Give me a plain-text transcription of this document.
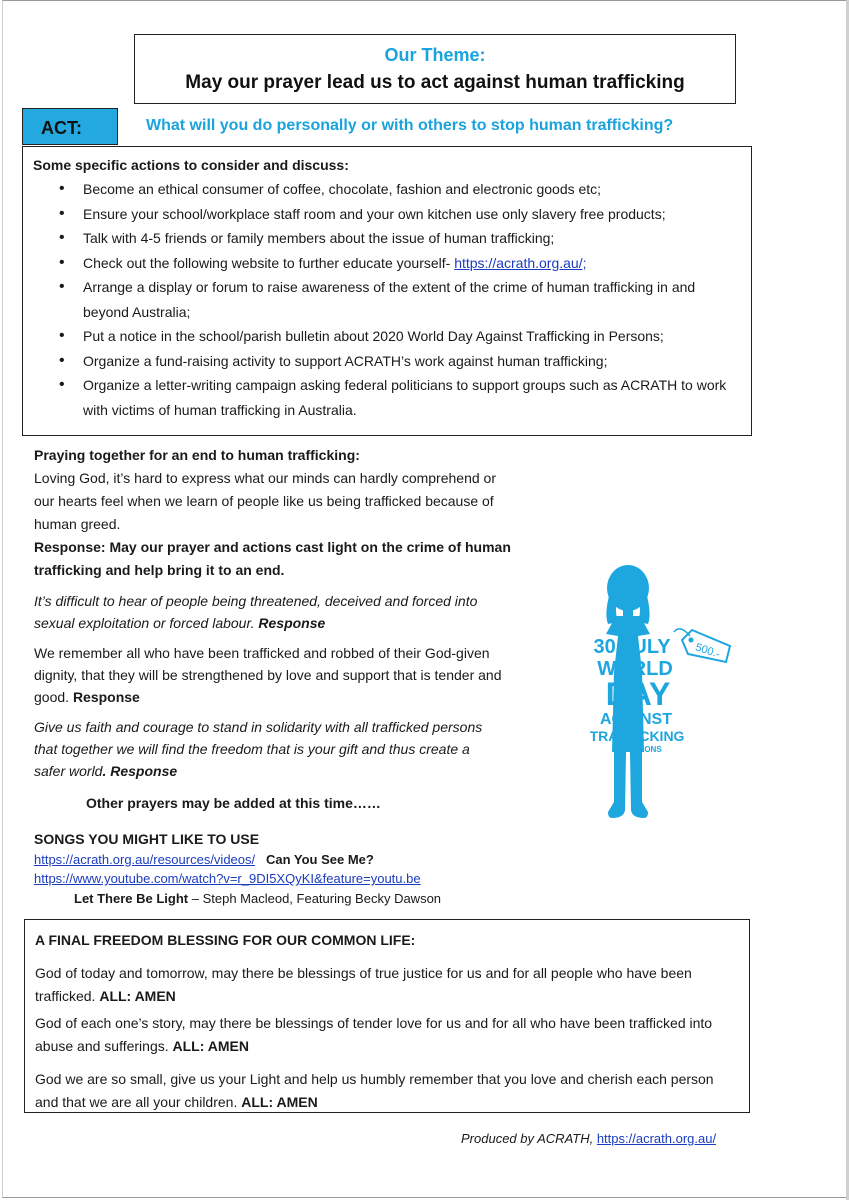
Our Theme:
May our prayer lead us to act against human trafficking
ACT:	What will you do personally or with others to stop human trafficking?
Some specific actions to consider and discuss:
• Become an ethical consumer of coffee, chocolate, fashion and electronic goods etc;
• Ensure your school/workplace staff room and your own kitchen use only slavery free products;
• Talk with 4-5 friends or family members about the issue of human trafficking;
• Check out the following website to further educate yourself- https://acrath.org.au/;
• Arrange a display or forum to raise awareness of the extent of the crime of human trafficking in and beyond Australia;
• Put a notice in the school/parish bulletin about 2020 World Day Against Trafficking in Persons;
• Organize a fund-raising activity to support ACRATH’s work against human trafficking;
• Organize a letter-writing campaign asking federal politicians to support groups such as ACRATH to work with victims of human trafficking in Australia.
Praying together for an end to human trafficking:
Loving God, it’s hard to express what our minds can hardly comprehend or our hearts feel when we learn of people like us being trafficked because of human greed.
Response: May our prayer and actions cast light on the crime of human trafficking and help bring it to an end.
It’s difficult to hear of people being threatened, deceived and forced into sexual exploitation or forced labour. Response
We remember all who have been trafficked and robbed of their God-given dignity, that they will be strengthened by love and support that is tender and good. Response
Give us faith and courage to stand in solidarity with all trafficked persons that together we will find the freedom that is your gift and thus create a safer world. Response
Other prayers may be added at this time……
SONGS YOU MIGHT LIKE TO USE
https://acrath.org.au/resources/videos/ Can You See Me?
https://www.youtube.com/watch?v=r_9DI5XQyKI&feature=youtu.be
Let There Be Light – Steph Macleod, Featuring Becky Dawson
500.-
30 JULY
WORLD
DAY
AGAINST
TRAFFICKING
IN PERSONS
A FINAL FREEDOM BLESSING FOR OUR COMMON LIFE:

God of today and tomorrow, may there be blessings of true justice for us and for all people who have been trafficked. ALL: AMEN

God of each one’s story, may there be blessings of tender love for us and for all who have been trafficked into abuse and sufferings. ALL: AMEN

God we are so small, give us your Light and help us humbly remember that you love and cherish each person and that we are all your children. ALL: AMEN

Produced by ACRATH, https://acrath.org.au/
